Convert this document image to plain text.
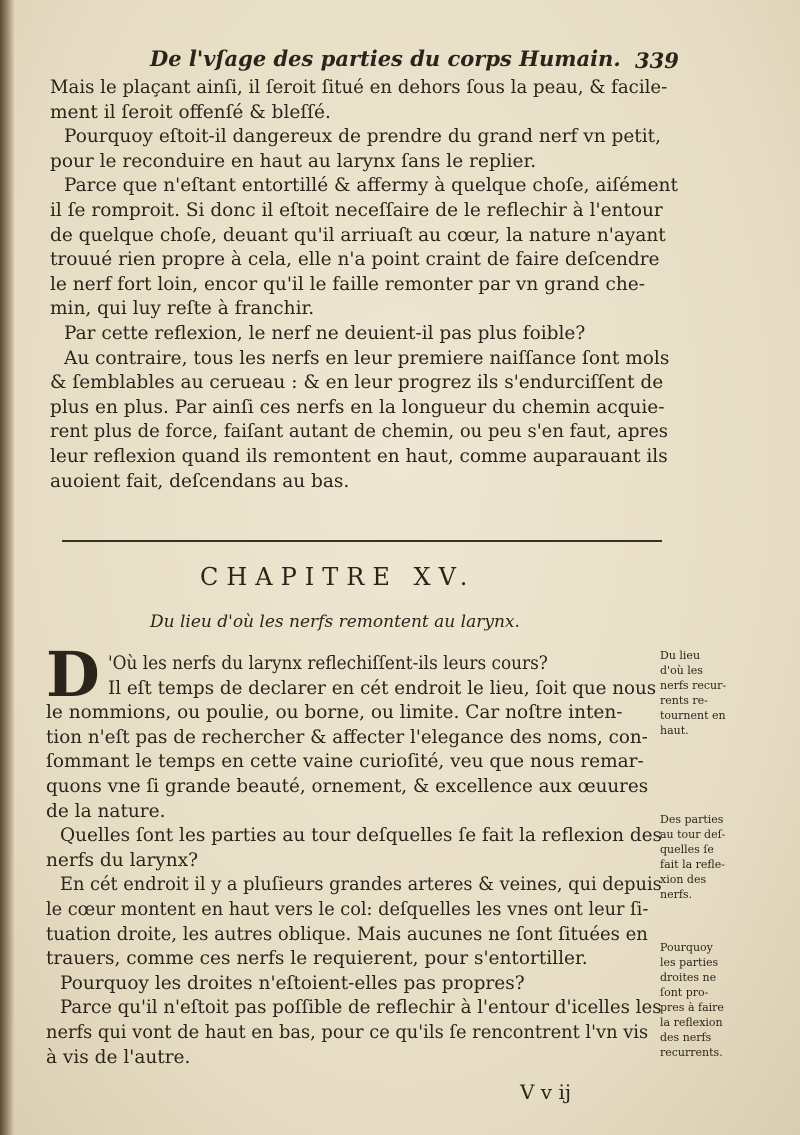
De l'vſage des parties du corps Humain. 339
Mais le plaçant ainſi, il ſeroit ſitué en dehors ſous la peau, & facile-
ment il ſeroit offenſé & bleſſé.
Pourquoy eſtoit-il dangereux de prendre du grand nerf vn petit,
pour le reconduire en haut au larynx ſans le replier.
Parce que n'eſtant entortillé & affermy à quelque choſe, aiſément
il ſe romproit. Si donc il eſtoit neceſſaire de le reflechir à l'entour
de quelque choſe, deuant qu'il arriuaſt au cœur, la nature n'ayant
trouué rien propre à cela, elle n'a point craint de faire deſcendre
le nerf fort loin, encor qu'il le faille remonter par vn grand che-
min, qui luy reſte à franchir.
Par cette reflexion, le nerf ne deuient-il pas plus foible?
Au contraire, tous les nerfs en leur premiere naiſſance ſont mols
& ſemblables au cerueau : & en leur progrez ils s'endurciſſent de
plus en plus. Par ainſi ces nerfs en la longueur du chemin acquie-
rent plus de force, faiſant autant de chemin, ou peu s'en faut, apres
leur reflexion quand ils remontent en haut, comme auparauant ils
auoient fait, deſcendans au bas.
CHAPITRE XV.
Du lieu d'où les nerfs remontent au larynx.
D 'Où les nerfs du larynx reflechiſſent-ils leurs cours?
Il eſt temps de declarer en cét endroit le lieu, ſoit que nous
le nommions, ou poulie, ou borne, ou limite. Car noſtre inten-
tion n'eſt pas de rechercher & affecter l'elegance des noms, con-
ſommant le temps en cette vaine curioſité, veu que nous remar-
quons vne ſi grande beauté, ornement, & excellence aux œuures
de la nature.
Quelles ſont les parties au tour deſquelles ſe fait la reflexion des
nerfs du larynx?
En cét endroit il y a pluſieurs grandes arteres & veines, qui depuis
le cœur montent en haut vers le col: deſquelles les vnes ont leur ſi-
tuation droite, les autres oblique. Mais aucunes ne ſont ſituées en
trauers, comme ces nerfs le requierent, pour s'entortiller.
Pourquoy les droites n'eſtoient-elles pas propres?
Parce qu'il n'eſtoit pas poſſible de reflechir à l'entour d'icelles les
nerfs qui vont de haut en bas, pour ce qu'ils ſe rencontrent l'vn vis
à vis de l'autre.
Du lieu
d'où les
nerfs recur-
rents re-
tournent en
haut.
Des parties
au tour deſ-
quelles ſe
fait la refle-
xion des
nerfs.
Pourquoy
les parties
droites ne
ſont pro-
pres à faire
la reflexion
des nerfs
recurrents.
V v ij
